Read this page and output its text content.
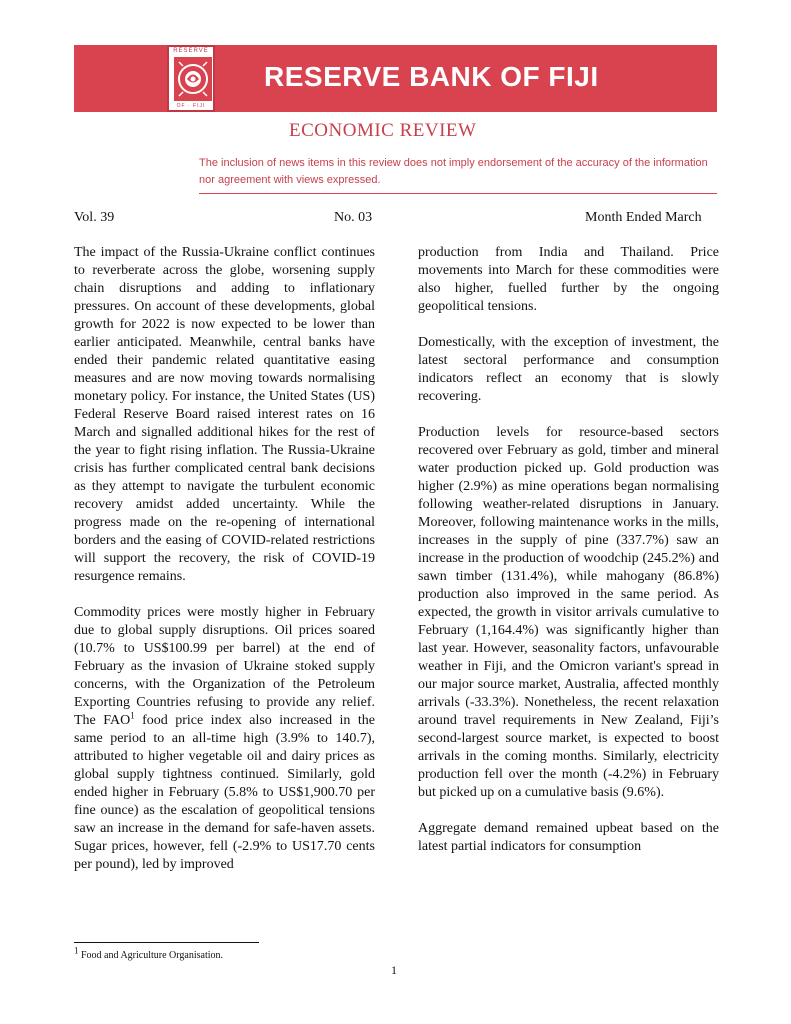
RESERVE
OF · FIJI
RESERVE BANK OF FIJI
ECONOMIC REVIEW
The inclusion of news items in this review does not imply endorsement of the accuracy of the information nor agreement with views expressed.
Vol. 39	No. 03	Month Ended March

The impact of the Russia-Ukraine conflict continues to reverberate across the globe, worsening supply chain disruptions and adding to inflationary pressures. On account of these developments, global growth for 2022 is now expected to be lower than earlier anticipated. Meanwhile, central banks have ended their pandemic related quantitative easing measures and are now moving towards normalising monetary policy. For instance, the United States (US) Federal Reserve Board raised interest rates on 16 March and signalled additional hikes for the rest of the year to fight rising inflation. The Russia-Ukraine crisis has further complicated central bank decisions as they attempt to navigate the turbulent economic recovery amidst added uncertainty. While the progress made on the re-opening of international borders and the easing of COVID-related restrictions will support the recovery, the risk of COVID-19 resurgence remains.

Commodity prices were mostly higher in February due to global supply disruptions. Oil prices soared (10.7% to US$100.99 per barrel) at the end of February as the invasion of Ukraine stoked supply concerns, with the Organization of the Petroleum Exporting Countries refusing to provide any relief. The FAO$^1$ food price index also increased in the same period to an all-time high (3.9% to 140.7), attributed to higher vegetable oil and dairy prices as global supply tightness continued. Similarly, gold ended higher in February (5.8% to US$1,900.70 per fine ounce) as the escalation of geopolitical tensions saw an increase in the demand for safe-haven assets. Sugar prices, however, fell (-2.9% to US17.70 cents per pound), led by improved

production from India and Thailand. Price movements into March for these commodities were also higher, fuelled further by the ongoing geopolitical tensions.

Domestically, with the exception of investment, the latest sectoral performance and consumption indicators reflect an economy that is slowly recovering.

Production levels for resource-based sectors recovered over February as gold, timber and mineral water production picked up. Gold production was higher (2.9%) as mine operations began normalising following weather-related disruptions in January. Moreover, following maintenance works in the mills, increases in the supply of pine (337.7%) saw an increase in the production of woodchip (245.2%) and sawn timber (131.4%), while mahogany (86.8%) production also improved in the same period. As expected, the growth in visitor arrivals cumulative to February (1,164.4%) was significantly higher than last year. However, seasonality factors, unfavourable weather in Fiji, and the Omicron variant's spread in our major source market, Australia, affected monthly arrivals (-33.3%). Nonetheless, the recent relaxation around travel requirements in New Zealand, Fiji’s second-largest source market, is expected to boost arrivals in the coming months. Similarly, electricity production fell over the month (-4.2%) in February but picked up on a cumulative basis (9.6%).

Aggregate demand remained upbeat based on the latest partial indicators for consumption

$^1$ Food and Agriculture Organisation.
1
